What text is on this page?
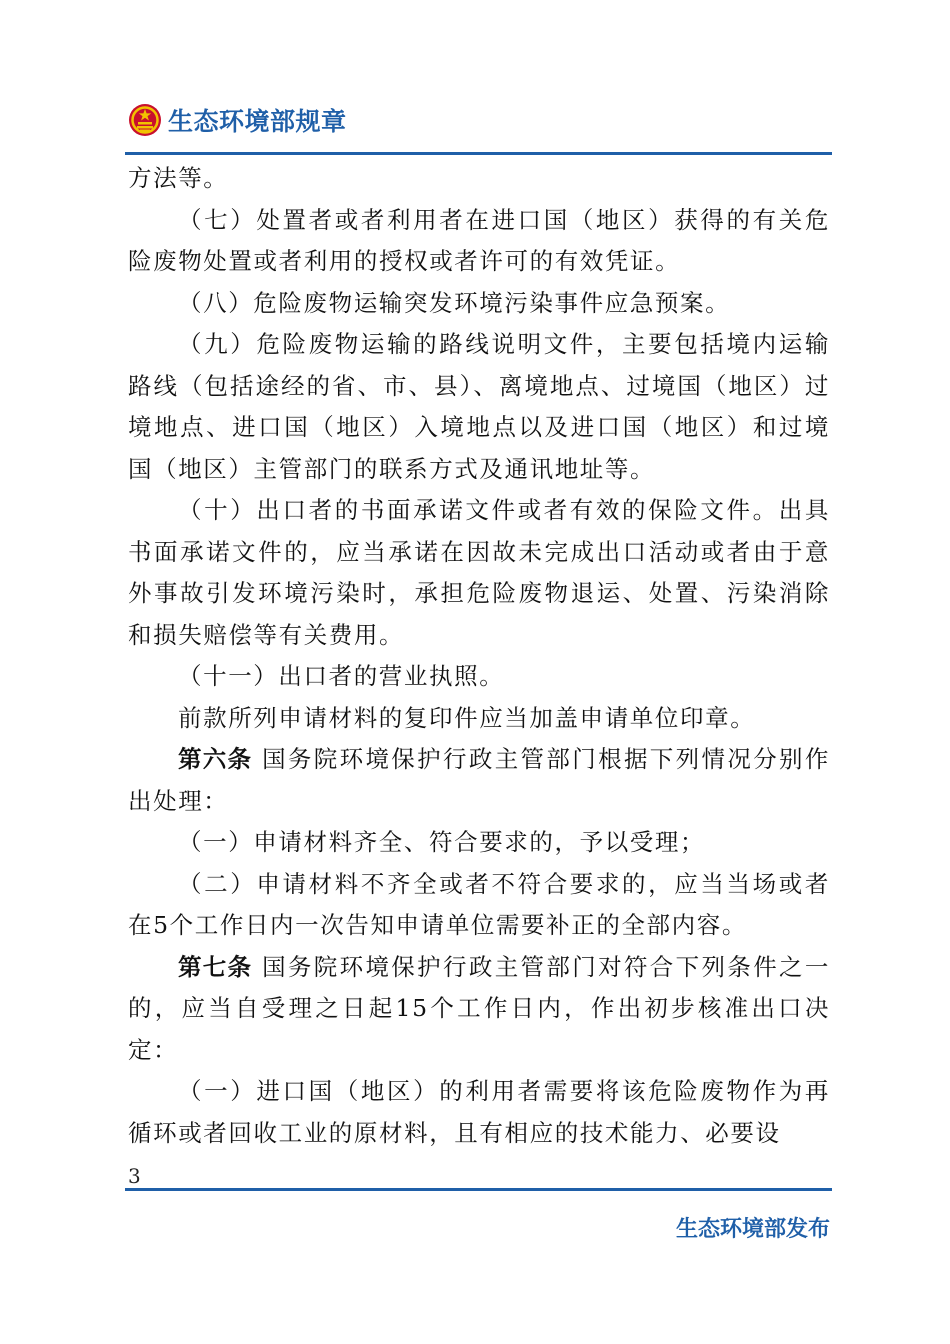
生态环境部规章

方法等。

（七）处置者或者利用者在进口国（地区）获得的有关危险废物处置或者利用的授权或者许可的有效凭证。

（八）危险废物运输突发环境污染事件应急预案。

（九）危险废物运输的路线说明文件，主要包括境内运输路线（包括途经的省、市、县）、离境地点、过境国（地区）过境地点、进口国（地区）入境地点以及进口国（地区）和过境国（地区）主管部门的联系方式及通讯地址等。

（十）出口者的书面承诺文件或者有效的保险文件。出具书面承诺文件的，应当承诺在因故未完成出口活动或者由于意外事故引发环境污染时，承担危险废物退运、处置、污染消除和损失赔偿等有关费用。

（十一）出口者的营业执照。

前款所列申请材料的复印件应当加盖申请单位印章。

第六条 国务院环境保护行政主管部门根据下列情况分别作出处理：

（一）申请材料齐全、符合要求的，予以受理；

（二）申请材料不齐全或者不符合要求的，应当当场或者在5个工作日内一次告知申请单位需要补正的全部内容。

第七条 国务院环境保护行政主管部门对符合下列条件之一的，应当自受理之日起15个工作日内，作出初步核准出口决定：

（一）进口国（地区）的利用者需要将该危险废物作为再循环或者回收工业的原材料，且有相应的技术能力、必要设

3
生态环境部发布
